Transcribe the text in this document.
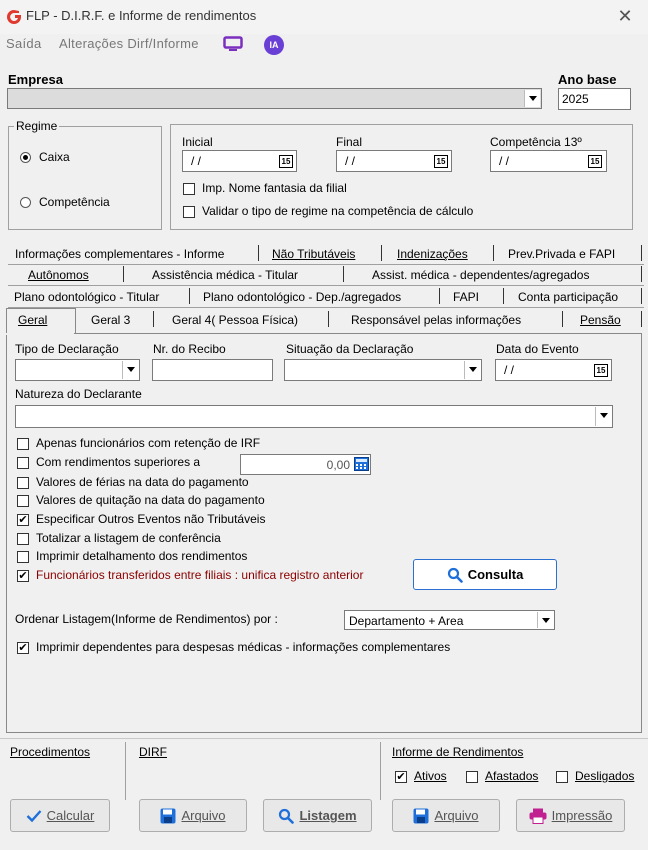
FLP - D.I.R.F. e Informe de rendimentos	✕
Saída Alterações Dirf/Informe	IA
Empresa	Ano base
2025
Regime
Caixa
Competência
Inicial
/ /	15
Final
/ /	15
Competência 13º
/ /	15
Imp. Nome fantasia da filial
Validar o tipo de regime na competência de cálculo
Informações complementares - Informe	Não Tributáveis	Indenizações	Prev.Privada e FAPI
Autônomos	Assistência médica - Titular	Assist. médica - dependentes/agregados
Plano odontológico - Titular	Plano odontológico - Dep./agregados	FAPI	Conta participação
Geral	Geral 3	Geral 4( Pessoa Física)	Responsável pelas informações	Pensão
Tipo de Declaração	Nr. do Recibo	Situação da Declaração	Data do Evento
/ /	15
Natureza do Declarante
Apenas funcionários com retenção de IRF
Com rendimentos superiores a	0,00
Valores de férias na data do pagamento
Valores de quitação na data do pagamento
✔ Especificar Outros Eventos não Tributáveis
Totalizar a listagem de conferência
Imprimir detalhamento dos rendimentos
✔ Funcionários transferidos entre filiais : unifica registro anterior	Consulta
Ordenar Listagem(Informe de Rendimentos) por :	Departamento + Area
✔ Imprimir dependentes para despesas médicas - informações complementares
Procedimentos	DIRF	Informe de Rendimentos
✔ Ativos	Afastados	Desligados
Calcular	Arquivo	Listagem	Arquivo	Impressão
